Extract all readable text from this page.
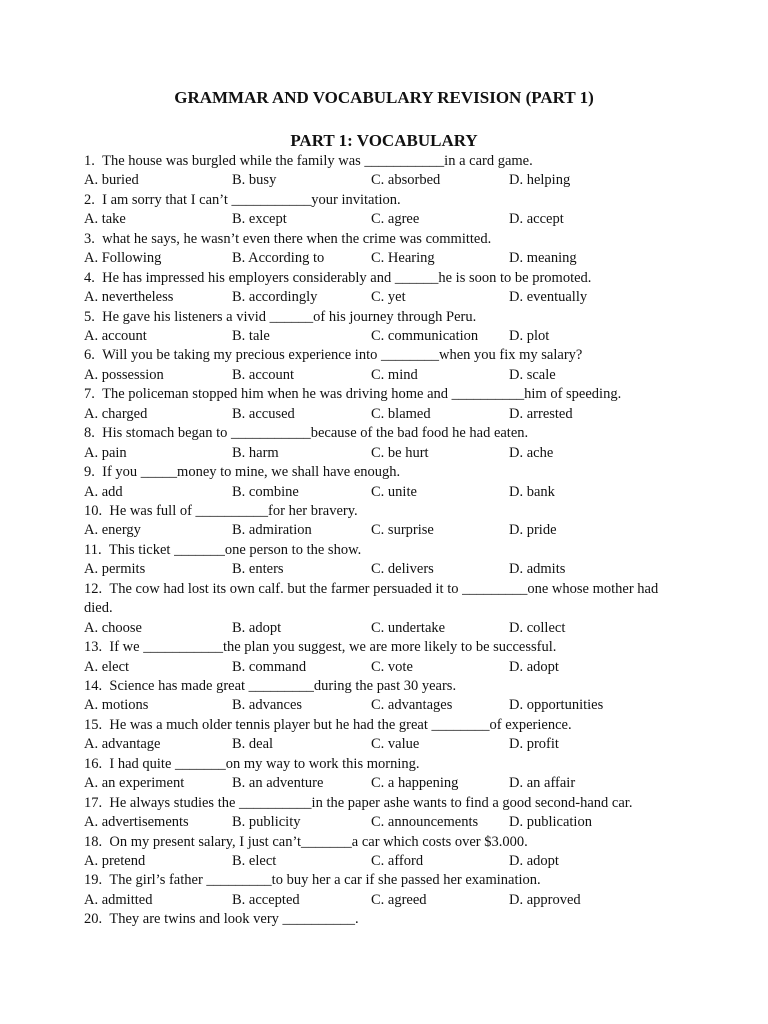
GRAMMAR AND VOCABULARY REVISION (PART 1)
PART 1: VOCABULARY
1. The house was burgled while the family was ___________in a card game.
A. buried	B. busy	C. absorbed	D. helping
2. I am sorry that I can’t ___________your invitation.
A. take	B. except	C. agree	D. accept
3. what he says, he wasn’t even there when the crime was committed.
A. Following	B. According to	C. Hearing	D. meaning
4. He has impressed his employers considerably and ______he is soon to be promoted.
A. nevertheless	B. accordingly	C. yet	D. eventually
5. He gave his listeners a vivid ______of his journey through Peru.
A. account	B. tale	C. communication D. plot
6. Will you be taking my precious experience into ________when you fix my salary?
A. possession	B. account	C. mind	D. scale
7. The policeman stopped him when he was driving home and __________him of speeding.
A. charged	B. accused	C. blamed	D. arrested
8. His stomach began to ___________because of the bad food he had eaten.
A. pain	B. harm	C. be hurt	D. ache
9. If you _____money to mine, we shall have enough.
A. add	B. combine	C. unite	D. bank
10. He was full of __________for her bravery.
A. energy	B. admiration	C. surprise	D. pride
11. This ticket _______one person to the show.
A. permits	B. enters	C. delivers	D. admits
12. The cow had lost its own calf. but the farmer persuaded it to _________one whose mother had died.
A. choose	B. adopt	C. undertake	D. collect
13. If we ___________the plan you suggest, we are more likely to be successful.
A. elect	B. command	C. vote	D. adopt
14. Science has made great _________during the past 30 years.
A. motions	B. advances	C. advantages	D. opportunities
15. He was a much older tennis player but he had the great ________of experience.
A. advantage	B. deal	C. value	D. profit
16. I had quite _______on my way to work this morning.
A. an experiment	B. an adventure	C. a happening	D. an affair
17. He always studies the __________in the paper ashe wants to find a good second-hand car.
A. advertisements	B. publicity	C. announcements D. publication
18. On my present salary, I just can’t_______a car which costs over $3.000.
A. pretend	B. elect	C. afford	D. adopt
19. The girl’s father _________to buy her a car if she passed her examination.
A. admitted	B. accepted	C. agreed	D. approved
20. They are twins and look very __________.
